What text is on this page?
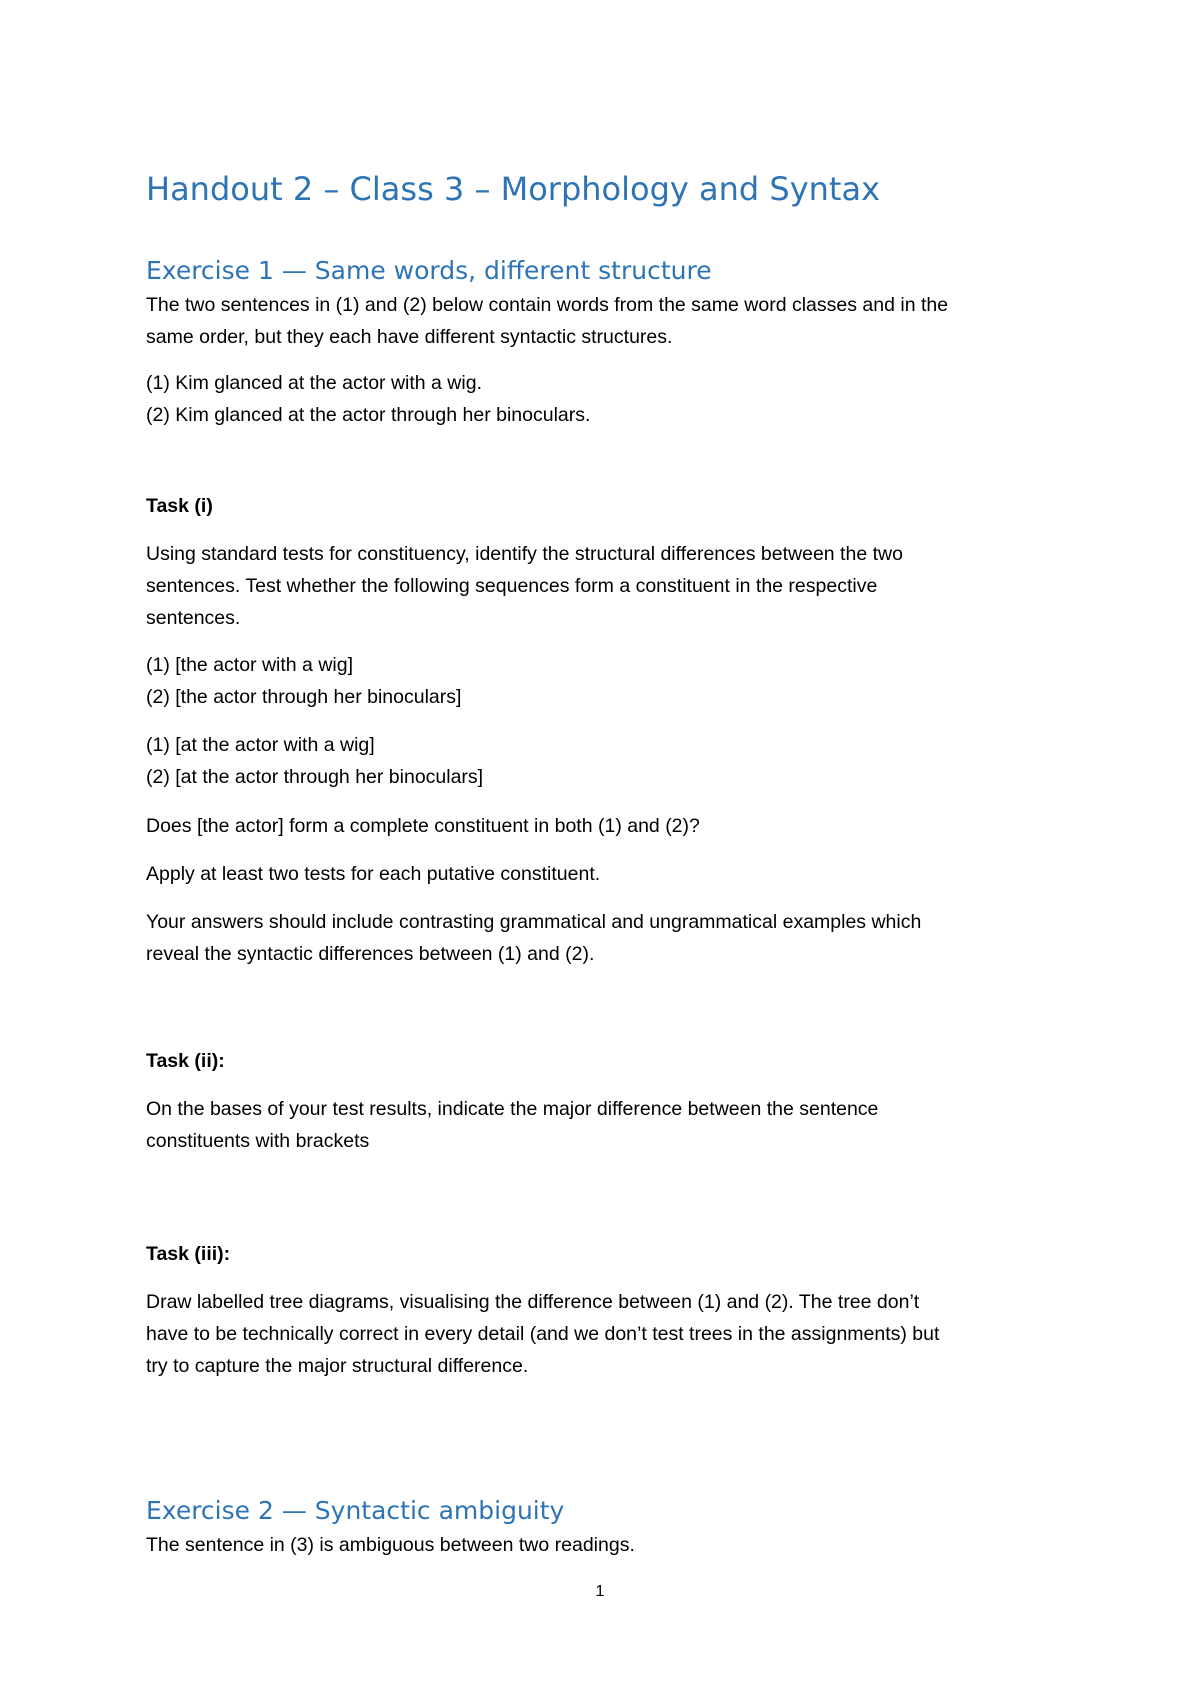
Handout 2 – Class 3 – Morphology and Syntax
Exercise 1 — Same words, different structure
The two sentences in (1) and (2) below contain words from the same word classes and in the
same order, but they each have different syntactic structures.
(1) Kim glanced at the actor with a wig.
(2) Kim glanced at the actor through her binoculars.
Task (i)
Using standard tests for constituency, identify the structural differences between the two
sentences. Test whether the following sequences form a constituent in the respective
sentences.
(1) [the actor with a wig]
(2) [the actor through her binoculars]
(1) [at the actor with a wig]
(2) [at the actor through her binoculars]
Does [the actor] form a complete constituent in both (1) and (2)?
Apply at least two tests for each putative constituent.
Your answers should include contrasting grammatical and ungrammatical examples which
reveal the syntactic differences between (1) and (2).
Task (ii):
On the bases of your test results, indicate the major difference between the sentence
constituents with brackets
Task (iii):
Draw labelled tree diagrams, visualising the difference between (1) and (2). The tree don’t
have to be technically correct in every detail (and we don’t test trees in the assignments) but
try to capture the major structural difference.
Exercise 2 — Syntactic ambiguity
The sentence in (3) is ambiguous between two readings.
1
